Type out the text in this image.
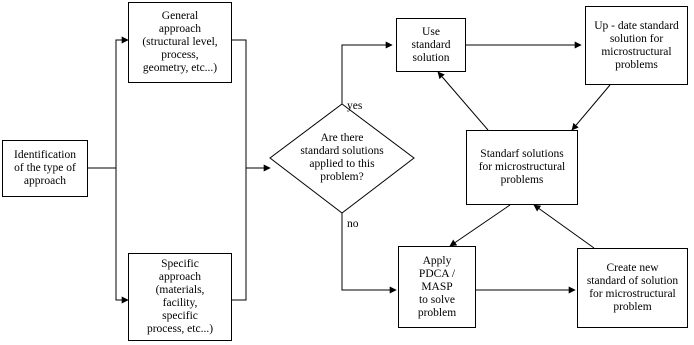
Identification
of the type of
approach
General
approach
(structural level,
process,
geometry, etc...)
Specific
approach
(materials,
facility,
specific
process, etc...)
Are there
standard solutions
applied to this
problem?
Use
standard
solution
Up - date standard
solution for
microstructural
problems
Standarf solutions
for microstructural
problems
Apply
PDCA /
MASP
to solve
problem
Create new
standard of solution
for microstructural
problem
yes
no
